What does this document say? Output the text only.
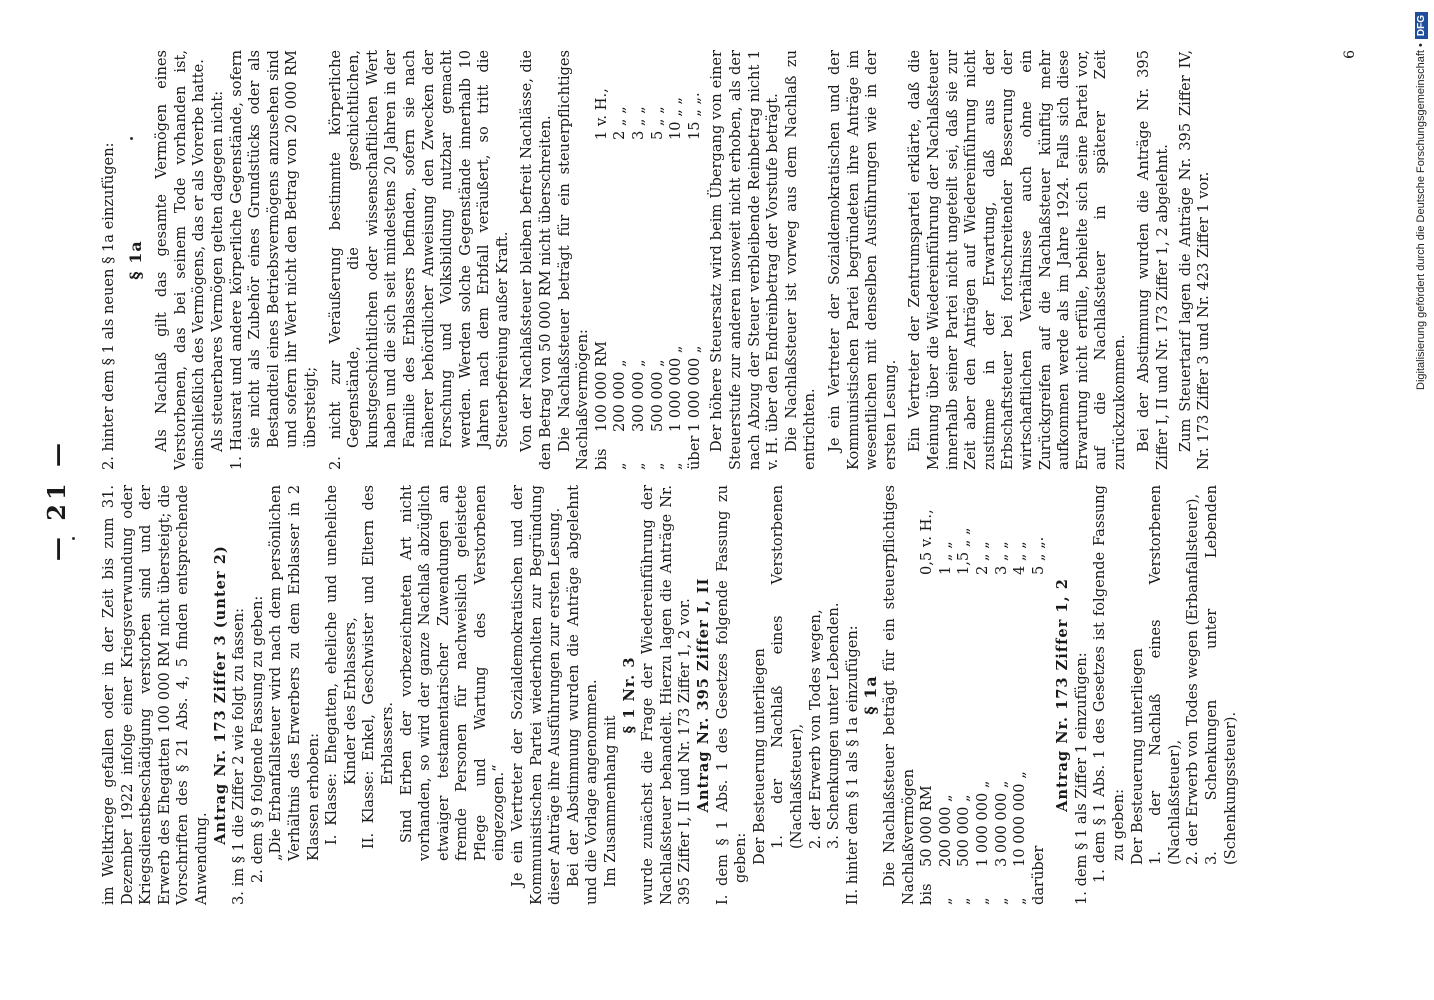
— 21 — im Weltkriege gefallen oder in der Zeit bis zum 31. Dezember 1922 infolge einer Kriegsverwundung oder Kriegsdienstbeschädigung verstorben sind und der Erwerb des Ehegatten 100 000 RM nicht übersteigt; die Vorschriften des § 21 Abs. 4, 5 finden entsprechende Anwendung.

Antrag Nr. 173 Ziffer 3 (unter 2) 3. im § 1 die Ziffer 2 wie folgt zu fassen: 2. dem § 9 folgende Fassung zu geben: „Die Erbanfallsteuer wird nach dem persönlichen Verhältnis des Erwerbers zu dem Erblasser in 2 Klassen erhoben: I. Klasse: Ehegatten, eheliche und uneheliche Kinder des Erblassers, II. Klasse: Enkel, Geschwister und Eltern des Erblassers. Sind Erben der vorbezeichneten Art nicht vorhanden, so wird der ganze Nachlaß abzüglich etwaiger testamentarischer Zuwendungen an fremde Personen für nachweislich geleistete Pflege und Wartung des Verstorbenen eingezogen.“ Je ein Vertreter der Sozialdemokratischen und der Kommunistischen Partei wiederholten zur Begründung dieser Anträge ihre Ausführungen zur ersten Lesung. Bei der Abstimmung wurden die Anträge abgelehnt und die Vorlage angenommen. Im Zusammenhang mit

§ 1 Nr. 3 wurde zunächst die Frage der Wiedereinführung der Nachlaßsteuer behandelt. Hierzu lagen die Anträge Nr. 395 Ziffer I, II und Nr. 173 Ziffer 1, 2 vor. Antrag Nr. 395 Ziffer I, II I. dem § 1 Abs. 1 des Gesetzes folgende Fassung zu geben: Der Besteuerung unterliegen 1. der Nachlaß eines Verstorbenen (Nachlaßsteuer), 2. der Erwerb von Todes wegen, 3. Schenkungen unter Lebenden. II. hinter dem § 1 als § 1a einzufügen: § 1a Die Nachlaßsteuer beträgt für ein steuerpflichtiges Nachlaßvermögen bis
50 000 RM
0,5 v. H.,
„
200 000 „
1 „ „
„
500 000 „
1,5 „ „
„
1 000 000 „
2 „ „
„
3 000 000 „
3 „ „
„
10 000 000 „
4 „ „
darüber
5 „ „.

Antrag Nr. 173 Ziffer 1, 2 1. dem § 1 als Ziffer 1 einzufügen: 1. dem § 1 Abs. 1 des Gesetzes ist folgende Fassung zu geben: Der Besteuerung unterliegen 1. der Nachlaß eines Verstorbenen (Nachlaßsteuer), 2. der Erwerb von Todes wegen (Erbanfallsteuer), 3. Schenkungen unter Lebenden (Schenkungssteuer).

2. hinter dem § 1 als neuen § 1a einzufügen: § 1a Als Nachlaß gilt das gesamte Vermögen eines Verstorbenen, das bei seinem Tode vorhanden ist, einschließlich des Vermögens, das er als Vorerbe hatte. Als steuerbares Vermögen gelten dagegen nicht: 1. Hausrat und andere körperliche Gegenstände, sofern sie nicht als Zubehör eines Grundstücks oder als Bestandteil eines Betriebsvermögens anzusehen sind und sofern ihr Wert nicht den Betrag von 20 000 RM übersteigt; 2. nicht zur Veräußerung bestimmte körperliche Gegenstände, die geschichtlichen, kunstgeschichtlichen oder wissenschaftlichen Wert haben und die sich seit mindestens 20 Jahren in der Familie des Erblassers befinden, sofern sie nach näherer behördlicher Anweisung den Zwecken der Forschung und Volksbildung nutzbar gemacht werden. Werden solche Gegenstände innerhalb 10 Jahren nach dem Erbfall veräußert, so tritt die Steuerbefreiung außer Kraft. Von der Nachlaßsteuer bleiben befreit Nachlässe, die den Betrag von 50 000 RM nicht überschreiten. Die Nachlaßsteuer beträgt für ein steuerpflichtiges Nachlaßvermögen: bis
100 000 RM
1 v. H.,
„
200 000 „
2 „ „
„
300 000 „
3 „ „
„
500 000 „
5 „ „
„
1 000 000 „
10 „ „
über
1 000 000 „
15 „ „. Der höhere Steuersatz wird beim Übergang von einer Steuerstufe zur anderen insoweit nicht erhoben, als der nach Abzug der Steuer verbleibende Reinbetrag nicht 1 v. H. über den Endreinbetrag der Vorstufe beträgt. Die Nachlaßsteuer ist vorweg aus dem Nachlaß zu entrichten. Je ein Vertreter der Sozialdemokratischen und der Kommunistischen Partei begründeten ihre Anträge im wesentlichen mit denselben Ausführungen wie in der ersten Lesung. Ein Vertreter der Zentrumspartei erklärte, daß die Meinung über die Wiedereinführung der Nachlaßsteuer innerhalb seiner Partei nicht ungeteilt sei, daß sie zur Zeit aber den Anträgen auf Wiedereinführung nicht zustimme in der Erwartung, daß aus der Erbschaftsteuer bei fortschreitender Besserung der wirtschaftlichen Verhältnisse auch ohne ein Zurückgreifen auf die Nachlaßsteuer künftig mehr aufkommen werde als im Jahre 1924. Falls sich diese Erwartung nicht erfülle, behielte sich seine Partei vor, auf die Nachlaßsteuer in späterer Zeit zurückzukommen. Bei der Abstimmung wurden die Anträge Nr. 395 Ziffer I, II und Nr. 173 Ziffer 1, 2 abgelehnt. Zum Steuertarif lagen die Anträge Nr. 395 Ziffer IV, Nr. 173 Ziffer 3 und Nr. 423 Ziffer 1 vor.

6	Digitalisierung gefördert durch die Deutsche Forschungsgemeinschaft •
DFG
